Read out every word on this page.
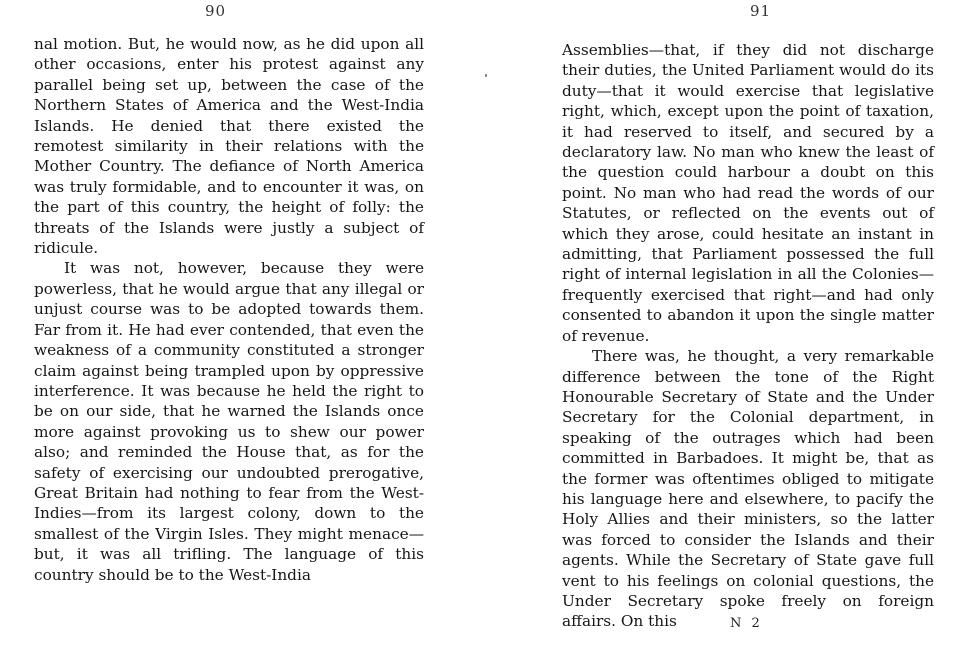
90

nal motion. But, he would now, as he did upon all other occasions, enter his protest against any parallel being set up, between the case of the Northern States of America and the West-India Islands. He denied that there existed the remotest similarity in their relations with the Mother Country. The defiance of North America was truly formidable, and to encounter it was, on the part of this country, the height of folly: the threats of the Islands were justly a subject of ridicule.

It was not, however, because they were powerless, that he would argue that any illegal or unjust course was to be adopted towards them. Far from it. He had ever contended, that even the weakness of a community constituted a stronger claim against being trampled upon by oppressive interference. It was because he held the right to be on our side, that he warned the Islands once more against provoking us to shew our power also; and reminded the House that, as for the safety of exercising our undoubted prerogative, Great Britain had nothing to fear from the West-Indies—from its largest colony, down to the smallest of the Virgin Isles. They might menace—but, it was all trifling. The language of this country should be to the West-India

91

Assemblies—that, if they did not discharge their duties, the United Parliament would do its duty—that it would exercise that legislative right, which, except upon the point of taxation, it had reserved to itself, and secured by a declaratory law. No man who knew the least of the question could harbour a doubt on this point. No man who had read the words of our Statutes, or reflected on the events out of which they arose, could hesitate an instant in admitting, that Parliament possessed the full right of internal legislation in all the Colonies—frequently exercised that right—and had only consented to abandon it upon the single matter of revenue.

There was, he thought, a very remarkable difference between the tone of the Right Honourable Secretary of State and the Under Secretary for the Colonial department, in speaking of the outrages which had been committed in Barbadoes. It might be, that as the former was oftentimes obliged to mitigate his language here and elsewhere, to pacify the Holy Allies and their ministers, so the latter was forced to consider the Islands and their agents. While the Secretary of State gave full vent to his feelings on colonial questions, the Under Secretary spoke freely on foreign affairs. On this	N 2
